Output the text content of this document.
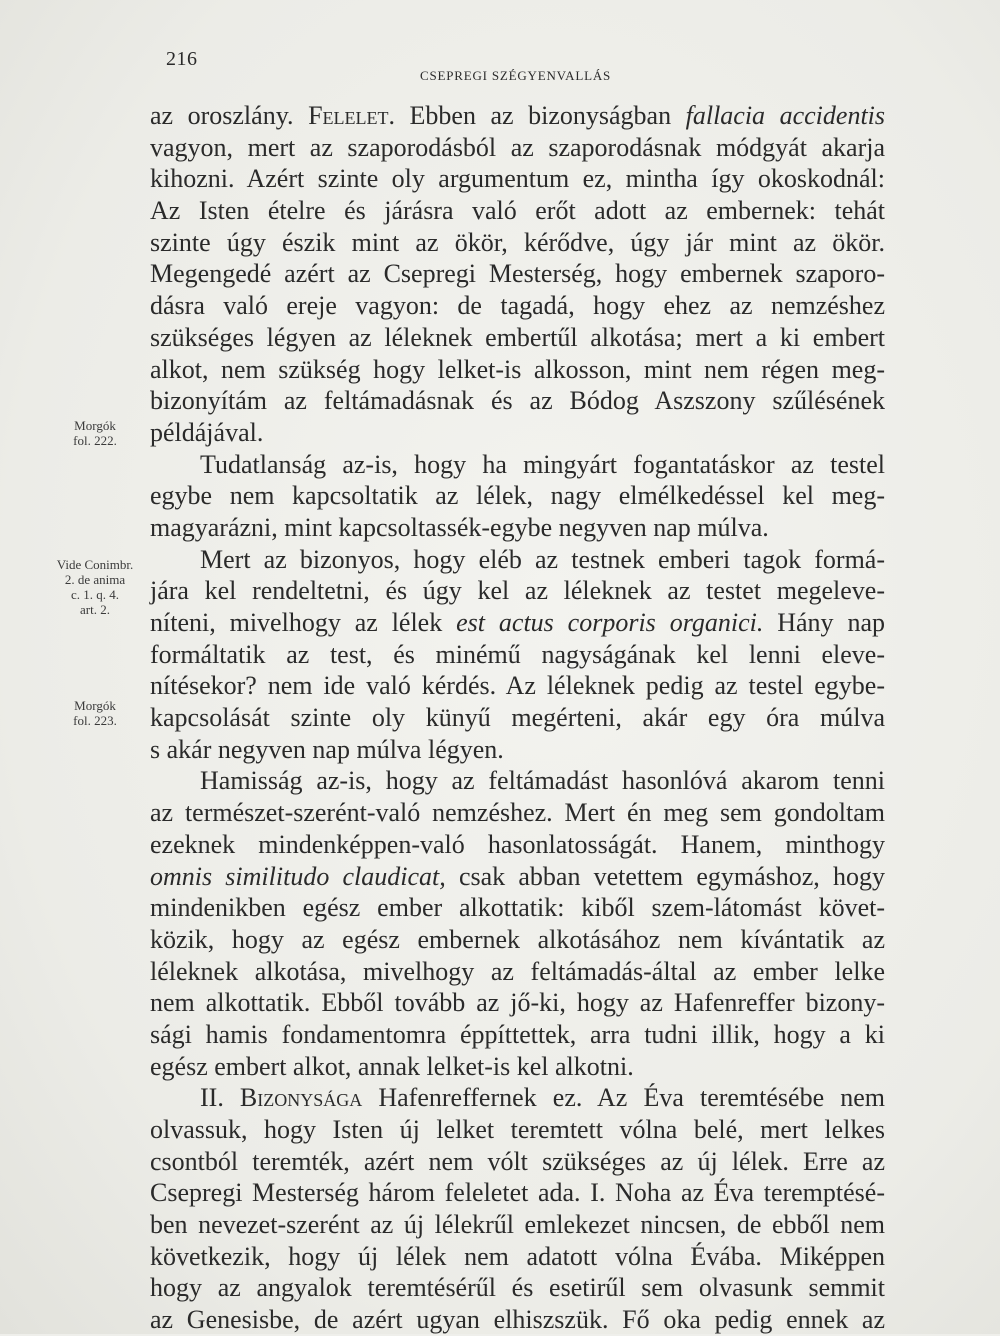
216
CSEPREGI SZÉGYENVALLÁS
Morgók
fol. 222.
Vide Conimbr.
2. de anima
c. 1. q. 4.
art. 2.
Morgók
fol. 223.
az oroszlány. Felelet. Ebben az bizonyságban fallacia accidentis
vagyon, mert az szaporodásból az szaporodásnak módgyát akarja
kihozni. Azért szinte oly argumentum ez, mintha így okoskodnál:
Az Isten ételre és járásra való erőt adott az embernek: tehát
szinte úgy észik mint az ökör, kérődve, úgy jár mint az ökör.
Megengedé azért az Csepregi Mesterség, hogy embernek szaporo-
dásra való ereje vagyon: de tagadá, hogy ehez az nemzéshez
szükséges légyen az léleknek embertűl alkotása; mert a ki embert
alkot, nem szükség hogy lelket-is alkosson, mint nem régen meg-
bizonyítám az feltámadásnak és az Bódog Aszszony szűlésének
példájával.
Tudatlanság az-is, hogy ha mingyárt fogantatáskor az testel
egybe nem kapcsoltatik az lélek, nagy elmélkedéssel kel meg-
magyarázni, mint kapcsoltassék-egybe negyven nap múlva.
Mert az bizonyos, hogy eléb az testnek emberi tagok formá-
jára kel rendeltetni, és úgy kel az léleknek az testet megeleve-
níteni, mivelhogy az lélek est actus corporis organici. Hány nap
formáltatik az test, és minémű nagyságának kel lenni eleve-
nítésekor? nem ide való kérdés. Az léleknek pedig az testel egybe-
kapcsolását szinte oly künyű megérteni, akár egy óra múlva
s akár negyven nap múlva légyen.
Hamisság az-is, hogy az feltámadást hasonlóvá akarom tenni
az természet-szerént-való nemzéshez. Mert én meg sem gondoltam
ezeknek mindenképpen-való hasonlatosságát. Hanem, minthogy
omnis similitudo claudicat, csak abban vetettem egymáshoz, hogy
mindenikben egész ember alkottatik: kiből szem-látomást követ-
közik, hogy az egész embernek alkotásához nem kívántatik az
léleknek alkotása, mivelhogy az feltámadás-által az ember lelke
nem alkottatik. Ebből tovább az jő-ki, hogy az Hafenreffer bizony-
sági hamis fondamentomra éppíttettek, arra tudni illik, hogy a ki
egész embert alkot, annak lelket-is kel alkotni.
II. Bizonysága Hafenreffernek ez. Az Éva teremtésébe nem
olvassuk, hogy Isten új lelket teremtett vólna belé, mert lelkes
csontból teremték, azért nem vólt szükséges az új lélek. Erre az
Csepregi Mesterség három feleletet ada. I. Noha az Éva teremptésé-
ben nevezet-szerént az új lélekrűl emlekezet nincsen, de ebből nem
következik, hogy új lélek nem adatott vólna Évába. Miképpen
hogy az angyalok teremtésérűl és esetirűl sem olvasunk semmit
az Genesisbe, de azért ugyan elhiszszük. Fő oka pedig ennek az
